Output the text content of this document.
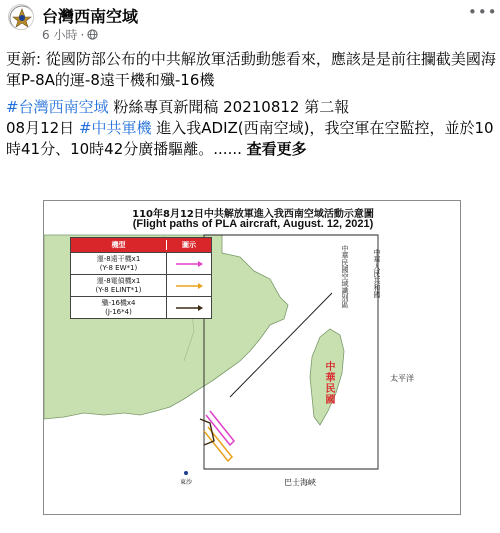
台灣西南空域
6 小時 ·
•••

更新: 從國防部公布的中共解放軍活動動態看來，應該是是前往攔截美國海軍P-8A的運-8遠干機和殲-16機

#台灣西南空域 粉絲專頁新聞稿 20210812 第二報
08月12日 #中共軍機 進入我ADIZ(西南空域)，我空軍在空監控，並於10時41分、10時42分廣播驅離。...... 查看更多

110年8月12日中共解放軍進入我西南空域活動示意圖
(Flight paths of PLA aircraft, August. 12, 2021)
機型	圖示
運-8遠干機x1
(Y-8 EW*1)
運-8電偵機x1
(Y-8 ELINT*1)
殲-16機x4
(J-16*4)
中華民國空域識別區	中華人民共和國
中華民國	太平洋
巴士海峽
東沙
